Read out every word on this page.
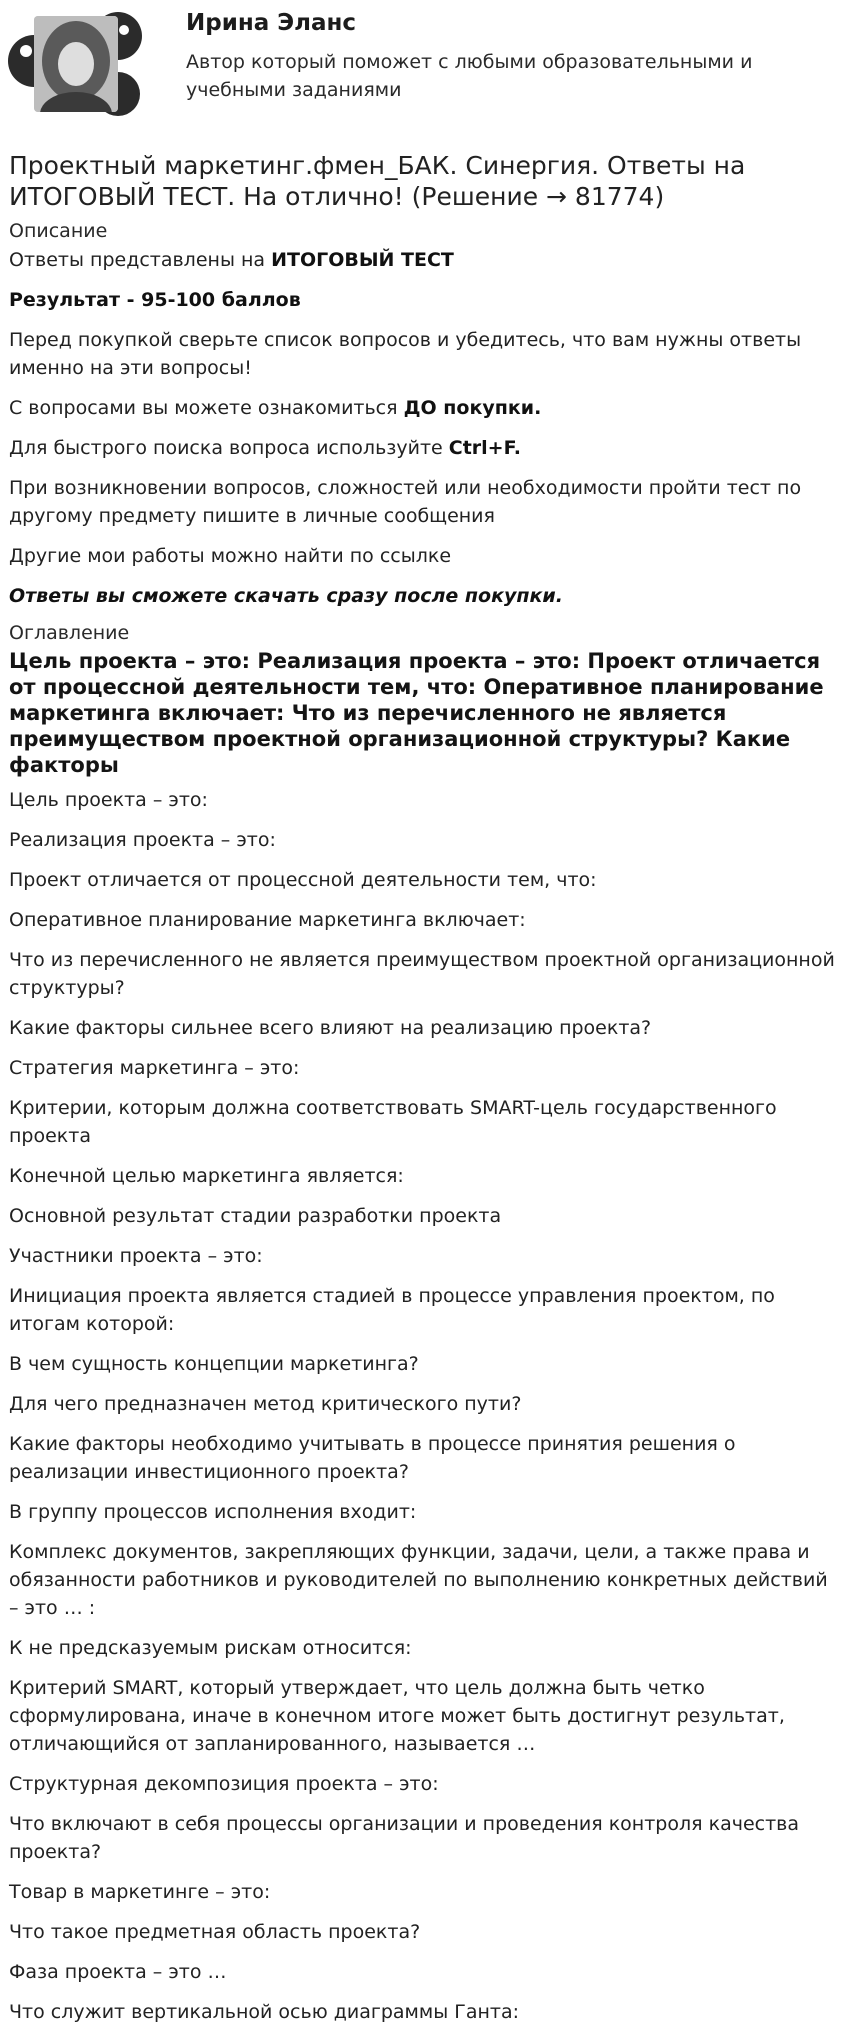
Ирина Эланс
Автор который поможет с любыми образовательными и учебными заданиями
Проектный маркетинг.фмен_БАК. Синергия. Ответы на ИТОГОВЫЙ ТЕСТ. На отлично! (Решение → 81774)
Описание

Ответы представлены на ИТОГОВЫЙ ТЕСТ

Результат - 95-100 баллов

Перед покупкой сверьте список вопросов и убедитесь, что вам нужны ответы именно на эти вопросы!

С вопросами вы можете ознакомиться ДО покупки.

Для быстрого поиска вопроса используйте Ctrl+F.

При возникновении вопросов, сложностей или необходимости пройти тест по другому предмету пишите в личные сообщения

Другие мои работы можно найти по ссылке

Ответы вы сможете скачать сразу после покупки.

Оглавление
Цель проекта – это: Реализация проекта – это: Проект отличается от процессной деятельности тем, что: Оперативное планирование маркетинга включает: Что из перечисленного не является преимуществом проектной организационной структуры? Какие факторы

Цель проекта – это:

Реализация проекта – это:

Проект отличается от процессной деятельности тем, что:

Оперативное планирование маркетинга включает:

Что из перечисленного не является преимуществом проектной организационной структуры?

Какие факторы сильнее всего влияют на реализацию проекта?

Стратегия маркетинга – это:

Критерии, которым должна соответствовать SMART-цель государственного проекта

Конечной целью маркетинга является:

Основной результат стадии разработки проекта

Участники проекта – это:

Инициация проекта является стадией в процессе управления проектом, по итогам которой:

В чем сущность концепции маркетинга?

Для чего предназначен метод критического пути?

Какие факторы необходимо учитывать в процессе принятия решения о реализации инвестиционного проекта?

В группу процессов исполнения входит:

Комплекс документов, закрепляющих функции, задачи, цели, а также права и обязанности работников и руководителей по выполнению конкретных действий – это … :

К не предсказуемым рискам относится:

Критерий SMART, который утверждает, что цель должна быть четко сформулирована, иначе в конечном итоге может быть достигнут результат, отличающийся от запланированного, называется …

Структурная декомпозиция проекта – это:

Что включают в себя процессы организации и проведения контроля качества проекта?

Товар в маркетинге – это:

Что такое предметная область проекта?

Фаза проекта – это …

Что служит вертикальной осью диаграммы Ганта:
